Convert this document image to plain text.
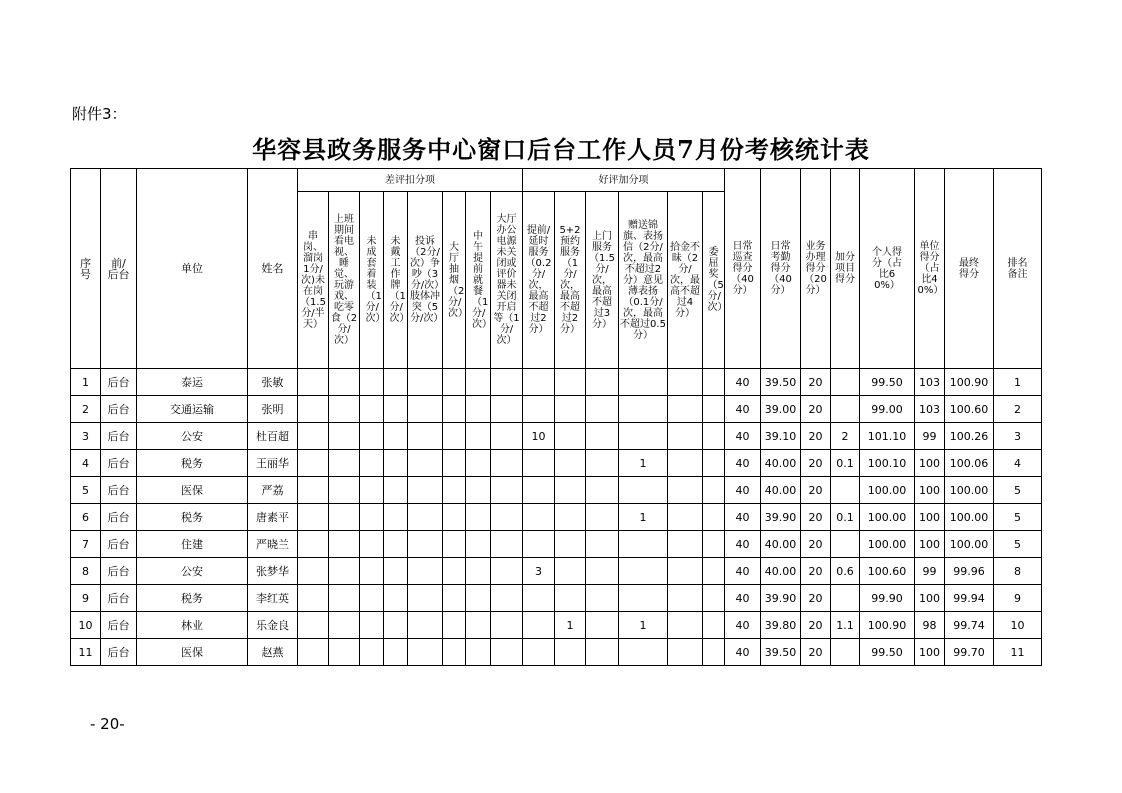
附件3：
华容县政务服务中心窗口后台工作人员7月份考核统计表
序号	前/后台	单位	姓名	差评扣分项								好评加分项						日常巡查得分（40分）	日常考勤得分（40分）	业务办理得分（20分）	加分项目得分	个人得分（占比60%）	单位得分（占比40%）	最终得分	排名备注
				串岗、溜岗1分/次)未在岗（1.5分/半天）	上班期间看电视、睡觉、玩游戏、吃零食（2分/次）	未成套着装（1分/次）	未戴工作牌（1分/次）	投诉（2分/次）争吵（3分/次）肢体冲突（5分/次）	大厅抽烟（2分/次）	中午提前就餐（1分/次）	大厅办公电源未关闭或评价器未关闭开启等（1分/次）	提前/延时服务（0.2分/次，最高不超过2分）	5+2预约服务（1分/次，最高不超过2分）	上门服务（1.5分/次，最高不超过3分）	赠送锦旗、表扬信（2分/次，最高不超过2分）意见薄表扬（0.1分/次，最高不超过0.5分）	拾金不昧（2分/次，最高不超过4分）	委屈奖（5分/次）								
1	后台	泰运	张敏															40	39.50	20		99.50	103	100.90	1
2	后台	交通运输	张明															40	39.00	20		99.00	103	100.60	2
3	后台	公安	杜百超									10						40	39.10	20	2	101.10	99	100.26	3
4	后台	税务	王丽华												1			40	40.00	20	0.1	100.10	100	100.06	4
5	后台	医保	严荔															40	40.00	20		100.00	100	100.00	5
6	后台	税务	唐素平												1			40	39.90	20	0.1	100.00	100	100.00	5
7	后台	住建	严晓兰															40	40.00	20		100.00	100	100.00	5
8	后台	公安	张梦华									3						40	40.00	20	0.6	100.60	99	99.96	8
9	后台	税务	李红英															40	39.90	20		99.90	100	99.94	9
10	后台	林业	乐金良										1		1			40	39.80	20	1.1	100.90	98	99.74	10
11	后台	医保	赵燕															40	39.50	20		99.50	100	99.70	11
- 20-
